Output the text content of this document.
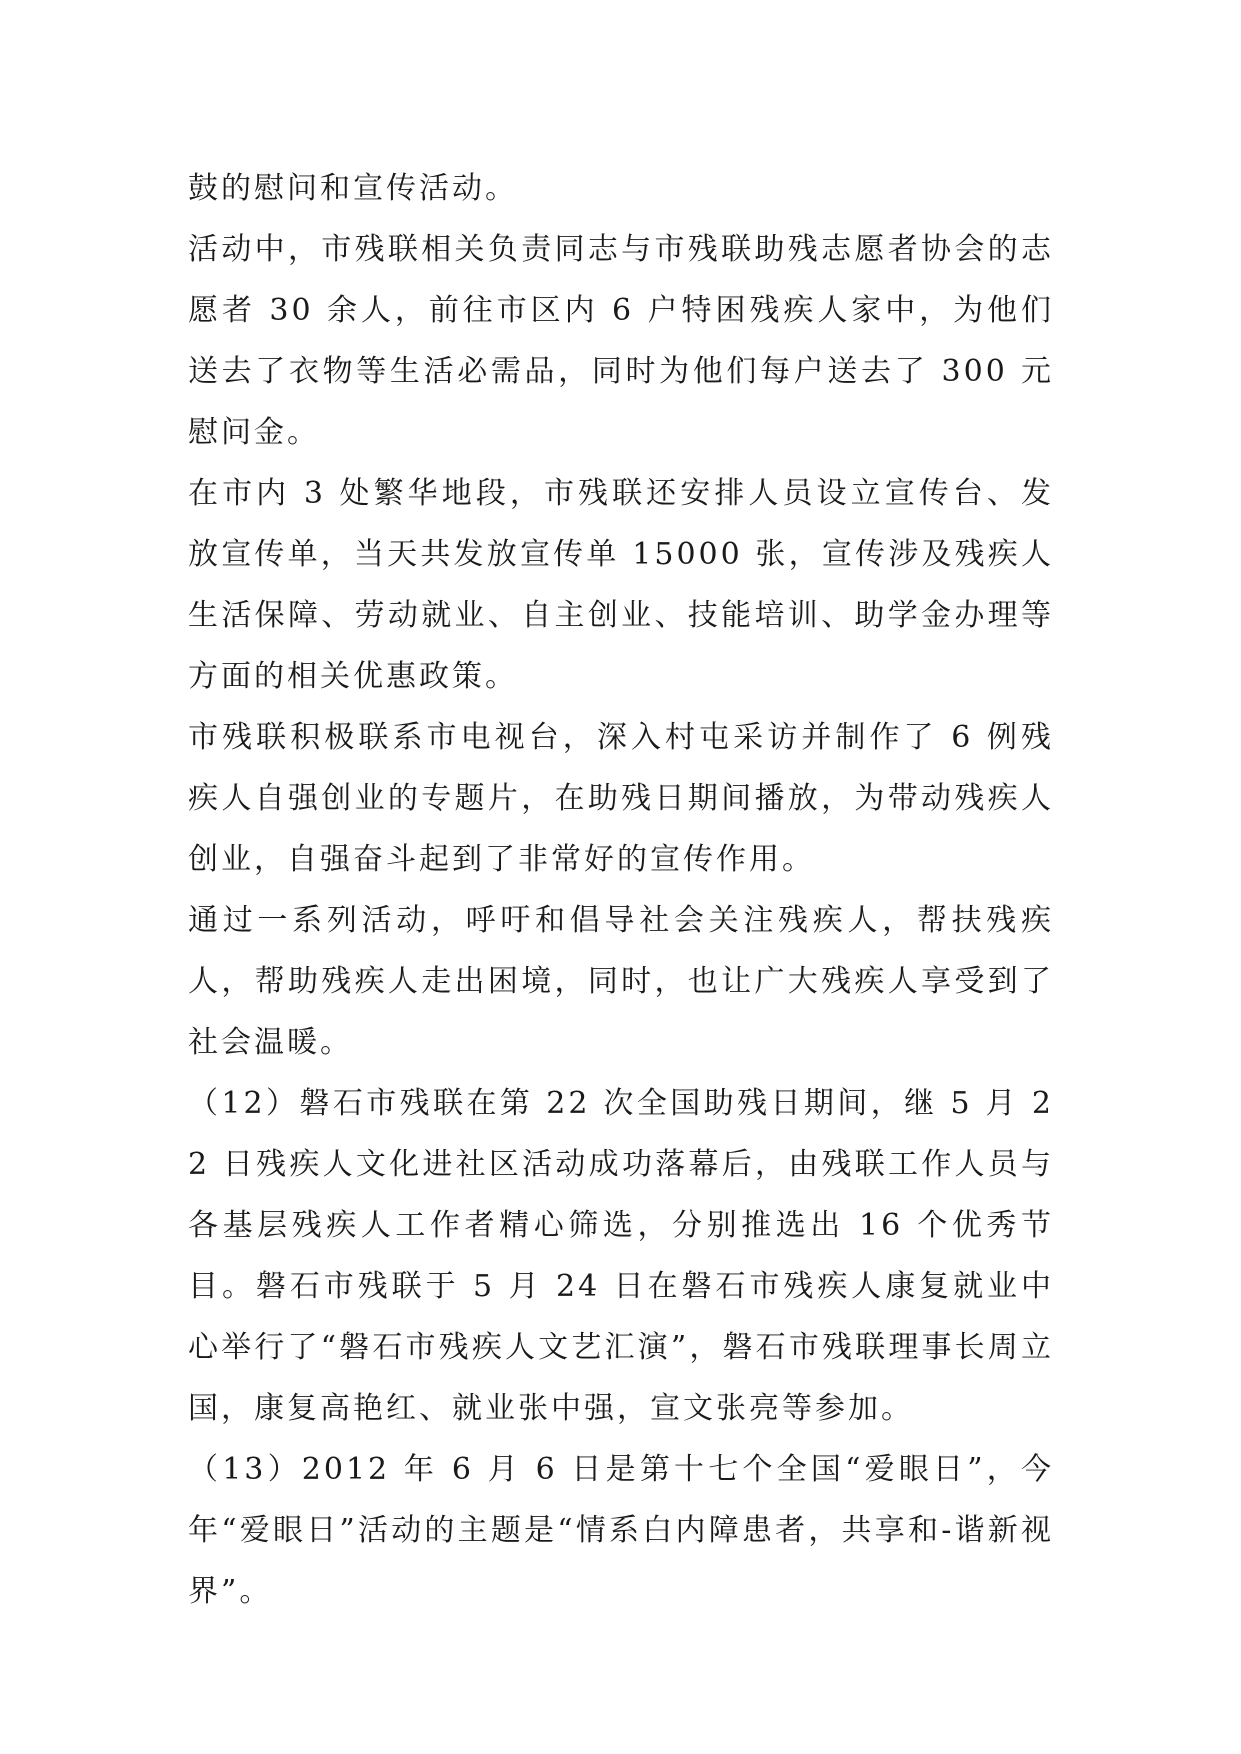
鼓的慰问和宣传活动。

活动中，市残联相关负责同志与市残联助残志愿者协会的志愿者 30 余人，前往市区内 6 户特困残疾人家中，为他们送去了衣物等生活必需品，同时为他们每户送去了 300 元慰问金。

在市内 3 处繁华地段，市残联还安排人员设立宣传台、发放宣传单，当天共发放宣传单 15000 张，宣传涉及残疾人生活保障、劳动就业、自主创业、技能培训、助学金办理等方面的相关优惠政策。

市残联积极联系市电视台，深入村屯采访并制作了 6 例残疾人自强创业的专题片，在助残日期间播放，为带动残疾人创业，自强奋斗起到了非常好的宣传作用。

通过一系列活动，呼吁和倡导社会关注残疾人，帮扶残疾人，帮助残疾人走出困境，同时，也让广大残疾人享受到了社会温暖。

（12）磐石市残联在第 22 次全国助残日期间，继 5 月 22 日残疾人文化进社区活动成功落幕后，由残联工作人员与各基层残疾人工作者精心筛选，分别推选出 16 个优秀节目。磐石市残联于 5 月 24 日在磐石市残疾人康复就业中心举行了“磐石市残疾人文艺汇演”，磐石市残联理事长周立国，康复高艳红、就业张中强，宣文张亮等参加。

（13）2012 年 6 月 6 日是第十七个全国“爱眼日”，今年“爱眼日”活动的主题是“情系白内障患者，共享和-谐新视界”。
